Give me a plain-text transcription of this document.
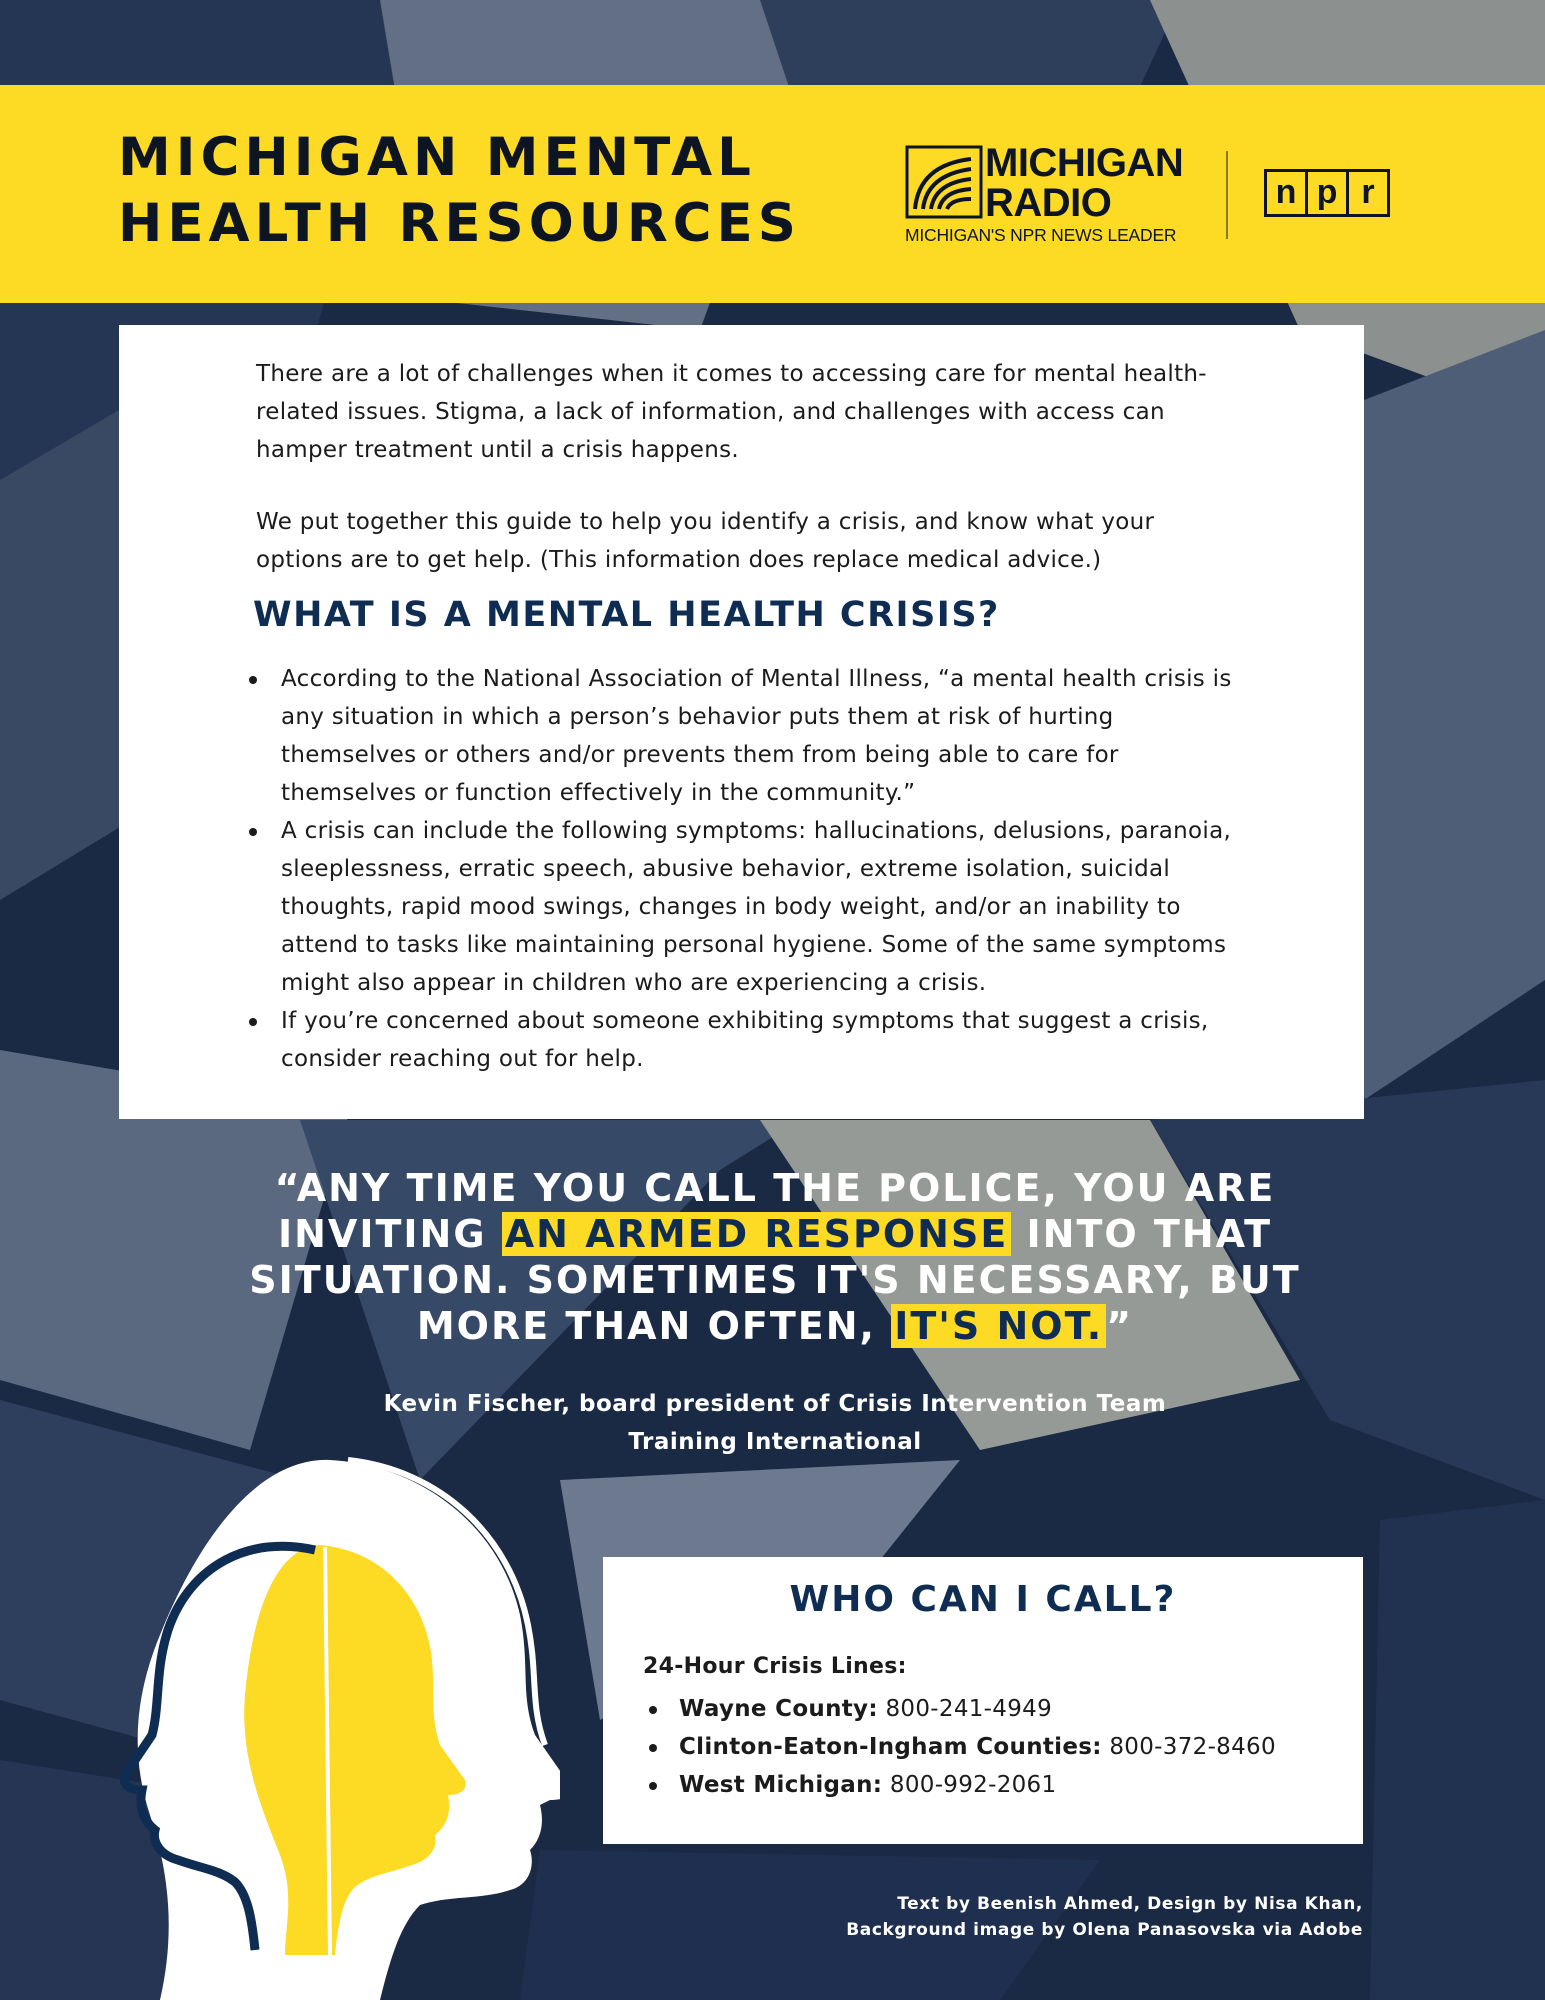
MICHIGAN MENTAL
HEALTH RESOURCES
MICHIGAN
RADIO
MICHIGAN'S NPR NEWS LEADER
n p r

There are a lot of challenges when it comes to accessing care for mental health-related issues. Stigma, a lack of information, and challenges with access can hamper treatment until a crisis happens.

We put together this guide to help you identify a crisis, and know what your options are to get help. (This information does replace medical advice.)

WHAT IS A MENTAL HEALTH CRISIS?
According to the National Association of Mental Illness, “a mental health crisis is any situation in which a person’s behavior puts them at risk of hurting themselves or others and/or prevents them from being able to care for themselves or function effectively in the community.”
A crisis can include the following symptoms: hallucinations, delusions, paranoia, sleeplessness, erratic speech, abusive behavior, extreme isolation, suicidal thoughts, rapid mood swings, changes in body weight, and/or an inability to attend to tasks like maintaining personal hygiene. Some of the same symptoms might also appear in children who are experiencing a crisis.
If you’re concerned about someone exhibiting symptoms that suggest a crisis, consider reaching out for help.

“ANY TIME YOU CALL THE POLICE, YOU ARE INVITING AN ARMED RESPONSE INTO THAT SITUATION. SOMETIMES IT'S NECESSARY, BUT MORE THAN OFTEN, IT'S NOT.”

Kevin Fischer, board president of Crisis Intervention Team
Training International

WHO CAN I CALL?

24-Hour Crisis Lines:

Wayne County: 800-241-4949
Clinton-Eaton-Ingham Counties: 800-372-8460
West Michigan: 800-992-2061

Text by Beenish Ahmed, Design by Nisa Khan,
Background image by Olena Panasovska via Adobe
